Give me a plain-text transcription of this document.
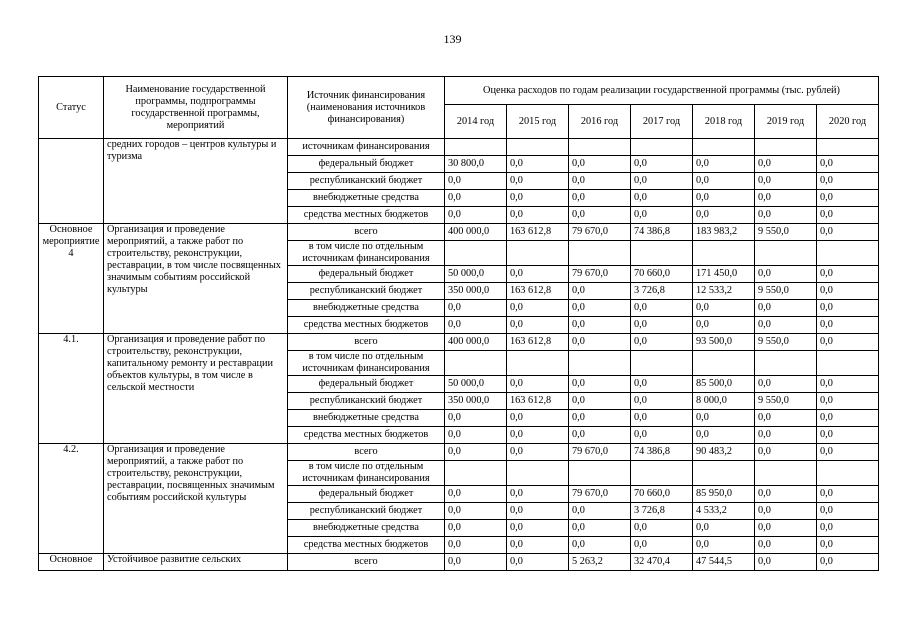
139
Статус	Наименование государственной программы, подпрограммы государственной программы, мероприятий	Источник финансирования (наименования источников финансирования)	Оценка расходов по годам реализации государственной программы (тыс. рублей)						
			2014 год	2015 год	2016 год	2017 год	2018 год	2019 год	2020 год
	средних городов – центров культуры и туризма	источникам финансирования							
		федеральный бюджет	30 800,0	0,0	0,0	0,0	0,0	0,0	0,0
		республиканский бюджет	0,0	0,0	0,0	0,0	0,0	0,0	0,0
		внебюджетные средства	0,0	0,0	0,0	0,0	0,0	0,0	0,0
		средства местных бюджетов	0,0	0,0	0,0	0,0	0,0	0,0	0,0
Основное мероприятие 4	Организация и проведение мероприятий, а также работ по строительству, реконструкции, реставрации, в том числе посвященных значимым событиям российской культуры	всего	400 000,0	163 612,8	79 670,0	74 386,8	183 983,2	9 550,0	0,0
		в том числе по отдельным источникам финансирования							
		федеральный бюджет	50 000,0	0,0	79 670,0	70 660,0	171 450,0	0,0	0,0
		республиканский бюджет	350 000,0	163 612,8	0,0	3 726,8	12 533,2	9 550,0	0,0
		внебюджетные средства	0,0	0,0	0,0	0,0	0,0	0,0	0,0
		средства местных бюджетов	0,0	0,0	0,0	0,0	0,0	0,0	0,0
4.1.	Организация и проведение работ по строительству, реконструкции, капитальному ремонту и реставрации объектов культуры, в том числе в сельской местности	всего	400 000,0	163 612,8	0,0	0,0	93 500,0	9 550,0	0,0
		в том числе по отдельным источникам финансирования							
		федеральный бюджет	50 000,0	0,0	0,0	0,0	85 500,0	0,0	0,0
		республиканский бюджет	350 000,0	163 612,8	0,0	0,0	8 000,0	9 550,0	0,0
		внебюджетные средства	0,0	0,0	0,0	0,0	0,0	0,0	0,0
		средства местных бюджетов	0,0	0,0	0,0	0,0	0,0	0,0	0,0
4.2.	Организация и проведение мероприятий, а также работ по строительству, реконструкции, реставрации, посвященных значимым событиям российской культуры	всего	0,0	0,0	79 670,0	74 386,8	90 483,2	0,0	0,0
		в том числе по отдельным источникам финансирования							
		федеральный бюджет	0,0	0,0	79 670,0	70 660,0	85 950,0	0,0	0,0
		республиканский бюджет	0,0	0,0	0,0	3 726,8	4 533,2	0,0	0,0
		внебюджетные средства	0,0	0,0	0,0	0,0	0,0	0,0	0,0
		средства местных бюджетов	0,0	0,0	0,0	0,0	0,0	0,0	0,0
Основное	Устойчивое развитие сельских	всего	0,0	0,0	5 263,2	32 470,4	47 544,5	0,0	0,0
